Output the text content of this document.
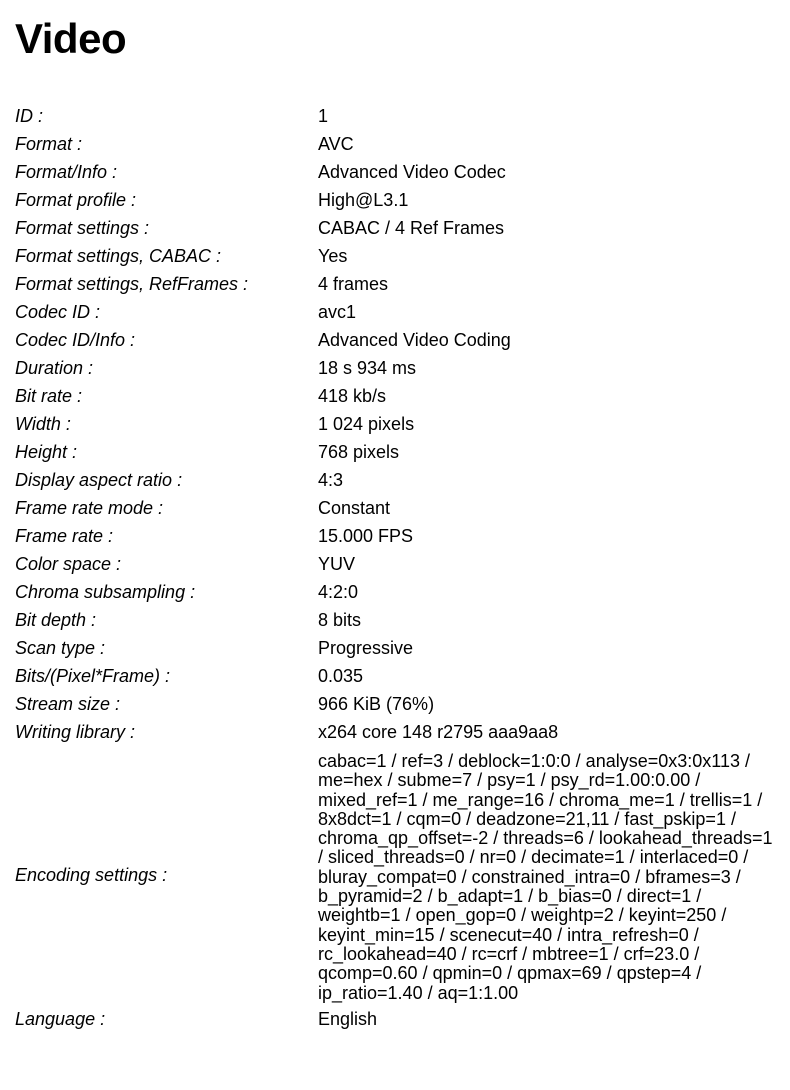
Video
ID :	1
Format :	AVC
Format/Info :	Advanced Video Codec
Format profile :	High@L3.1
Format settings :	CABAC / 4 Ref Frames
Format settings, CABAC :	Yes
Format settings, RefFrames :	4 frames
Codec ID :	avc1
Codec ID/Info :	Advanced Video Coding
Duration :	18 s 934 ms
Bit rate :	418 kb/s
Width :	1 024 pixels
Height :	768 pixels
Display aspect ratio :	4:3
Frame rate mode :	Constant
Frame rate :	15.000 FPS
Color space :	YUV
Chroma subsampling :	4:2:0
Bit depth :	8 bits
Scan type :	Progressive
Bits/(Pixel*Frame) :	0.035
Stream size :	966 KiB (76%)
Writing library :	x264 core 148 r2795 aaa9aa8
Encoding settings :	cabac=1 / ref=3 / deblock=1:0:0 / analyse=0x3:0x113 / me=hex / subme=7 / psy=1 / psy_rd=1.00:0.00 / mixed_ref=1 / me_range=16 / chroma_me=1 / trellis=1 / 8x8dct=1 / cqm=0 / deadzone=21,11 / fast_pskip=1 / chroma_qp_offset=-2 / threads=6 / lookahead_threads=1 / sliced_threads=0 / nr=0 / decimate=1 / interlaced=0 / bluray_compat=0 / constrained_intra=0 / bframes=3 / b_pyramid=2 / b_adapt=1 / b_bias=0 / direct=1 / weightb=1 / open_gop=0 / weightp=2 / keyint=250 / keyint_min=15 / scenecut=40 / intra_refresh=0 / rc_lookahead=40 / rc=crf / mbtree=1 / crf=23.0 / qcomp=0.60 / qpmin=0 / qpmax=69 / qpstep=4 / ip_ratio=1.40 / aq=1:1.00
Language :	English
